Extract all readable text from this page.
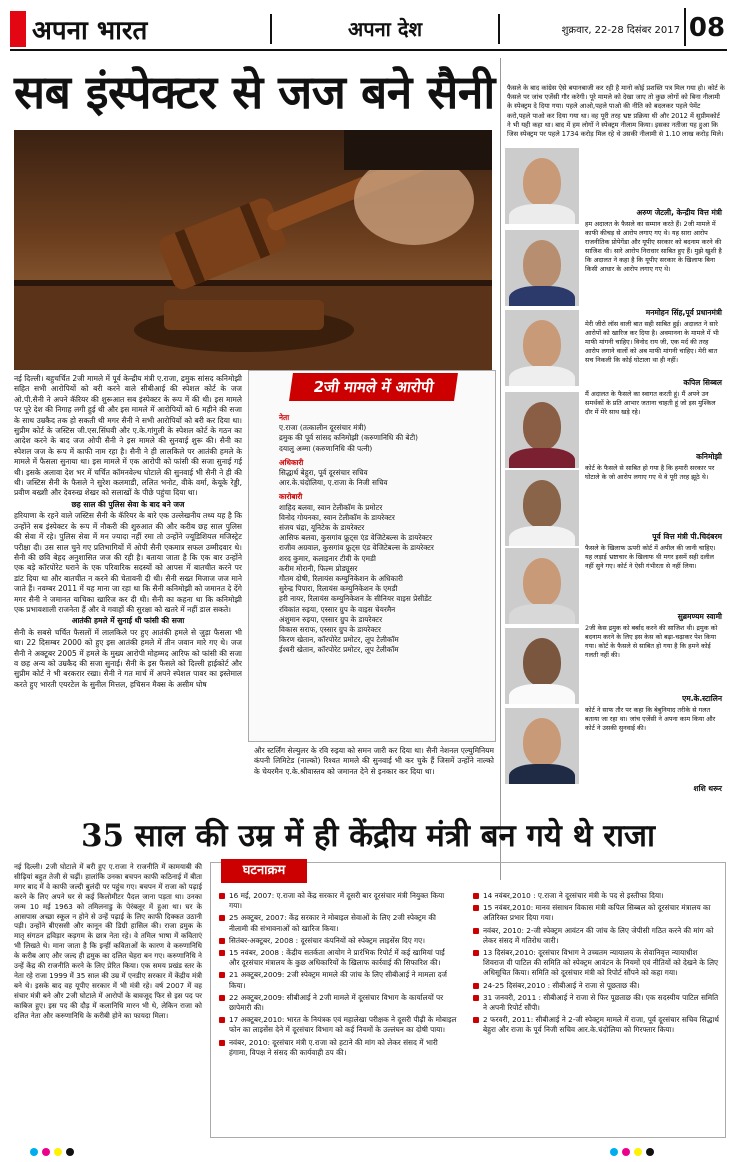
अपना भारत	अपना देश	शुक्रवार, 22-28 दिसंबर 2017 08
सब इंस्पेक्टर से जज बने सैनी

नई दिल्ली। बहुचर्चित 2जी मामले में पूर्व केन्द्रीय मंत्री ए.राजा, द्रमुक सांसद कनिमोझी सहित सभी आरोपियों को बरी करने वाले सीबीआई की स्पेशल कोर्ट के जज ओ.पी.सैनी ने अपने कॅरियर की शुरूआत सब इंस्पेक्टर के रूप में की थी। इस मामले पर पूरे देश की निगाह लगी हुई थी और इस मामले में आरोपियों को 6 महीने की सजा के साथ उम्रकैद तक हो सकती थी मगर सैनी ने सभी आरोपियों को बरी कर दिया था। सुप्रीम कोर्ट के जस्टिस जी.एस.सिंघवी और ए.के.गांगुली के स्पेशल कोर्ट के गठन का आदेश करने के बाद जज ओपी सैनी ने इस मामले की सुनवाई शुरू की। सैनी का स्पेशल जज के रूप में काफी नाम रहा है। सैनी ने ही लालकिले पर आतंकी हमले के मामले में फैसला सुनाया था। इस मामले में एक आरोपी को फांसी की सजा सुनाई गई थी। इसके अलावा देश भर में चर्चित कॉमनवेल्थ घोटाले की सुनवाई भी सैनी ने ही की थी। जस्टिस सैनी के फैसले ने सुरेश कलमाडी, ललित भनोट, वीके वर्मा, केयूके रेड्डी, प्रवीण बख्शी और देवरुख शेखर को सलाखों के पीछे पहुंचा दिया था।

छह साल की पुलिस सेवा के बाद बने जज

हरियाणा के रहने वाले जस्टिस सैनी के कॅरियर के बारे एक उल्लेखनीय तथ्य यह है कि उन्होंने सब इंस्पेक्टर के रूप में नौकरी की शुरुआत की और करीब छह साल पुलिस की सेवा में रहे। पुलिस सेवा में मन ज्यादा नहीं रमा तो उन्होंने ज्यूडिशियल मजिस्ट्रेट परीक्षा दी। उस साल चुने गए प्रतिभागियों में ओपी सैनी एकमात्र सफल उम्मीदवार थे। सैनी की छवि बेहद अनुशासित जज की रही है। बताया जाता है कि एक बार उन्होंने एक बड़े कॉरपोरेट घराने के एक परिवारिक सदस्यों को आपस में बातचीत करने पर डांट दिया था और बातचीत न करने की चेतावनी दी थी। सैनी सख्त मिजाज जज माने जाते हैं। नवम्बर 2011 में यह माना जा रहा था कि सैनी कनिमोझी को जमानत दे देंगे मगर सैनी ने जमानत याचिका खारिज कर दी थी। सैनी का कहना था कि कनिमोझी एक प्रभावशाली राजनेता हैं और वे गवाहों की सुरक्षा को खतरे में नहीं डाल सकते।

आतंकी हमले में सुनाई थी फांसी की सजा

सैनी के सबसे चर्चित फैसलों में लालकिले पर हुए आतंकी हमले से जुड़ा फैसला भी था। 22 दिसम्बर 2000 को हुए इस आतंकी हमले में तीन जवान मारे गए थे। जज सैनी ने अक्टूबर 2005 में हमले के मुख्य आरोपी मोहम्मद आरिफ को फांसी की सजा व छह अन्य को उम्रकैद की सजा सुनाई। सैनी के इस फैसले को दिल्ली हाईकोर्ट और सुप्रीम कोर्ट ने भी बरकरार रखा। सैनी ने गत मार्च में अपने स्पेशल पावर का इस्तेमाल करते हुए भारती एयरटेल के सुनील मित्तल, हचिसन मैक्स के असीम घोष

2जी मामले में आरोपी
नेता
ए.राजा (तत्कालीन दूरसंचार मंत्री)
द्रमुक की पूर्व सांसद कनिमोझी (करुणानिधि की बेटी)
दयालु अम्मा (करुणानिधि की पत्नी)
अधिकारी
सिद्धार्थ बेहुरा, पूर्व दूरसंचार सचिव
आर.के.चंदोलिया, ए.राजा के निजी सचिव
कारोबारी
शाहिद बलवा, स्वान टेलीकॉम के प्रमोटर
विनोद गोयनका, स्वान टेलीकॉम के डायरेक्टर
संजय चंद्रा, यूनिटेक के डायरेक्टर
आसिफ बलवा, कुसगांव फ्रूट्स एंड वेजिटेबल्स के डायरेक्टर
राजीव अग्रवाल, कुसगांव फ्रूट्स एंड वेजिटेबल्स के डायरेक्टर
शरद कुमार, कलाइनार टीवी के एमडी
करीम मोरानी, फिल्म प्रोड्यूसर
गौतम दोषी, रिलायंस कम्युनिकेशन के अधिकारी
सुरेन्द्र पिपारा, रिलायंस कम्युनिकेशन के एमडी
हरी नायर, रिलायंस कम्युनिकेशन के सीनियर वाइस प्रेसीडेंट
रविकांत रुइया, एस्सार ग्रुप के वाइस चेयरमैन
अंशुमान रुइया, एस्सार ग्रुप के डायरेक्टर
विकास सराफ, एस्सार ग्रुप के डायरेक्टर
किरण खेतान, कॉरपोरेट प्रमोटर, लूप टेलीकॉम
ईश्वरी खेतान, कॉरपोरेट प्रमोटर, लूप टेलीकॉम
और स्टर्लिंग सेल्युलर के रवि रुइया को समन जारी कर दिया था। सैनी नेशनल एल्युमिनियम कंपनी लिमिटेड (नाल्को) रिश्वत मामले की सुनवाई भी कर चुके हैं जिसमें उन्होंने नाल्को के चेयरमैन ए.के.श्रीवास्तव को जमानत देने से इनकार कर दिया था।
फैसले के बाद कांग्रेस ऐसे बयानबाजी कर रही है मानो कोई प्रशस्ति पत्र मिल गया हो। कोर्ट के फैसले पर जांच एजेंसी गौर करेगी। पूरे मामले को देखा जाए तो कुछ लोगों को बिना नीलामी के स्पेक्ट्रम दे दिया गया। पहले आओ,पहले पाओ की नीति को बदलकर पहले पेमेंट करो,पहले पाओ कर दिया गया था। वह पूरी तरह भ्रष्ट प्रक्रिया थी और 2012 में सुप्रीमकोर्ट ने भी यही कहा था। बाद में हम लोगों ने स्पेक्ट्रम नीलाम किया। इसका नतीजा यह हुआ कि जिस स्पेक्ट्रम पर पहले 1734 करोड़ मिल रहे थे उसकी नीलामी से 1.10 लाख करोड़ मिले।
अरुण जेटली, केन्द्रीय वित्त मंत्री
हम अदालत के फैसले का सम्मान करते हैं। 2जी मामले में काफी कीचड़ से आरोप लगाए गए थे। यह सारा आरोप राजनीतिक प्रोपेगेंडा और यूपीए सरकार को बदनाम करने की साजिश थी। सारे आरोप निराधार साबित हुए हैं। मुझे खुशी है कि अदालत ने कहा है कि यूपीए सरकार के खिलाफ बिना किसी आधार के आरोप लगाए गए थे।
मनमोहन सिंह,पूर्व प्रधानमंत्री
मेरी जीरो लॉस वाली बात सही साबित हुई। अदालत ने सारे आरोपों को खारिज कर दिया है। अवमानना के मामले में भी माफी मांगनी चाहिए। विनोद राय जी, एक मर्द की तरह आरोप लगाने वालों को अब माफी मांगनी चाहिए। मेरी बात सच निकली कि कोई घोटाला था ही नहीं।
कपिल सिब्बल
मैं अदालत के फैसले का स्वागत करती हूं। मैं अपने उन समर्थकों के प्रति आभार जताना चाहती हूं जो इस मुश्किल दौर में मेरे साथ खड़े रहे।
कनिमोझी
कोर्ट के फैसले से साबित हो गया है कि हमारी सरकार पर घोटाले के जो आरोप लगाए गए थे वे पूरी तरह झूठे थे।
पूर्व वित्त मंत्री पी.चिदंबरम
फैसले के खिलाफ ऊपरी कोर्ट में अपील की जानी चाहिए। यह लड़ाई भ्रष्टाचार के खिलाफ थी मगर इसमें सही दलील नहीं सुने गए। कोर्ट ने ऐसी गंभीरता से नहीं लिया।
सुब्रमण्यम स्वामी
2जी केस द्रमुक को बर्बाद करने की साजिश थी। द्रमुक को बदनाम करने के लिए इस केस को बढ़ा-चढ़ाकर पेश किया गया। कोर्ट के फैसले से साबित हो गया है कि हमने कोई गलती नहीं की।
एम.के.स्टालिन
कोर्ट ने साफ तौर पर कहा कि बेबुनियाद तरीके से गलत बताया जा रहा था। जांच एजेंसी ने अपना काम किया और कोर्ट ने उसकी सुनवाई की।
शशि थरूर
35 साल की उम्र में ही केंद्रीय मंत्री बन गये थे राजा
नई दिल्ली। 2जी घोटाले में बरी हुए ए.राजा ने राजनीति में कामयाबी की सीढ़ियां बहुत तेजी से चढ़ीं। हालांकि उनका बचपन काफी कठिनाई में बीता मगर बाद में वे काफी जल्दी बुलंदी पर पहुंच गए। बचपन में राजा को पढ़ाई करने के लिए अपने घर से कई किलोमीटर पैदल जाना पड़ता था। उनका जन्म 10 मई 1963 को तमिलनाडु के पेरंबलूर में हुआ था। घर के आसपास अच्छा स्कूल न होने से उन्हें पढ़ाई के लिए काफी दिक्कत उठानी पड़ी। उन्होंने बीएससी और कानून की डिग्री हासिल की। राजा द्रमुक के मातृ संगठन द्रविड़ार कड़गम के छात्र नेता रहे। वे तमिल भाषा में कविताएं भी लिखते थे। माना जाता है कि इन्हीं कविताओं के कारण वे करुणानिधि के करीब आए और जल्द ही द्रमुक का दलित चेहरा बन गए। करुणानिधि ने उन्हें केंद्र की राजनीति करने के लिए प्रेरित किया। एक समय प्रखंड स्तर के नेता रहे राजा 1999 में 35 साल की उम्र में एनडीए सरकार में केंद्रीय मंत्री बने थे। इसके बाद वह यूपीए सरकार में भी मंत्री रहे। वर्ष 2007 में वह संचार मंत्री बने और 2जी घोटाले में आरोपों के बावजूद फिर से इस पद पर काबिज हुए। इस पद की दौड़ में कलानिधि मारन भी थे, लेकिन राजा को दलित नेता और करुणानिधि के करीबी होने का फायदा मिला।
घटनाक्रम
16 मई, 2007: ए.राजा को केंद्र सरकार में दूसरी बार दूरसंचार मंत्री नियुक्त किया गया।
25 अक्टूबर, 2007: केंद्र सरकार ने मोबाइल सेवाओं के लिए 2जी स्पेक्ट्रम की नीलामी की संभावनाओं को खारिज किया।
सितंबर-अक्टूबर, 2008 : दूरसंचार कंपनियों को स्पेक्ट्रम लाइसेंस दिए गए।
15 नवंबर, 2008 : केंद्रीय सतर्कता आयोग ने प्रारंभिक रिपोर्ट में कई खामियां पाईं और दूरसंचार मंत्रालय के कुछ अधिकारियों के खिलाफ कार्रवाई की सिफारिश की।
21 अक्टूबर,2009: 2जी स्पेक्ट्रम मामले की जांच के लिए सीबीआई ने मामला दर्ज किया।
22 अक्टूबर,2009: सीबीआई ने 2जी मामले में दूरसंचार विभाग के कार्यालयों पर छापेमारी की।
17 अक्टूबर,2010: भारत के नियंत्रक एवं महालेखा परीक्षक ने दूसरी पीढ़ी के मोबाइल फोन का लाइसेंस देने में दूरसंचार विभाग को कई नियमों के उल्लंघन का दोषी पाया।
नवंबर, 2010: दूरसंचार मंत्री ए.राजा को हटाने की मांग को लेकर संसद में भारी हंगामा, विपक्ष ने संसद की कार्यवाही ठप की।
14 नवंबर,2010 : ए.राजा ने दूरसंचार मंत्री के पद से इस्तीफा दिया।
15 नवंबर,2010: मानव संसाधन विकास मंत्री कपिल सिब्बल को दूरसंचार मंत्रालय का अतिरिक्त प्रभार दिया गया।
नवंबर, 2010: 2-जी स्पेक्ट्रम आवंटन की जांच के लिए जेपीसी गठित करने की मांग को लेकर संसद में गतिरोध जारी।
13 दिसंबर,2010: दूरसंचार विभाग ने उच्चतम न्यायालय के सेवानिवृत्त न्यायाधीश शिवराज वी पाटिल की समिति को स्पेक्ट्रम आवंटन के नियमों एवं नीतियों को देखने के लिए अधिसूचित किया। समिति को दूरसंचार मंत्री को रिपोर्ट सौंपने को कहा गया।
24-25 दिसंबर,2010 : सीबीआई ने राजा से पूछताछ की।
31 जनवरी, 2011 : सीबीआई ने राजा से फिर पूछताछ की। एक सदस्यीय पाटिल समिति ने अपनी रिपोर्ट सौंपी।
2 फरवरी, 2011: सीबीआई ने 2-जी स्पेक्ट्रम मामले में राजा, पूर्व दूरसंचार सचिव सिद्धार्थ बेहुरा और राजा के पूर्व निजी सचिव आर.के.चंदोलिया को गिरफ्तार किया।
